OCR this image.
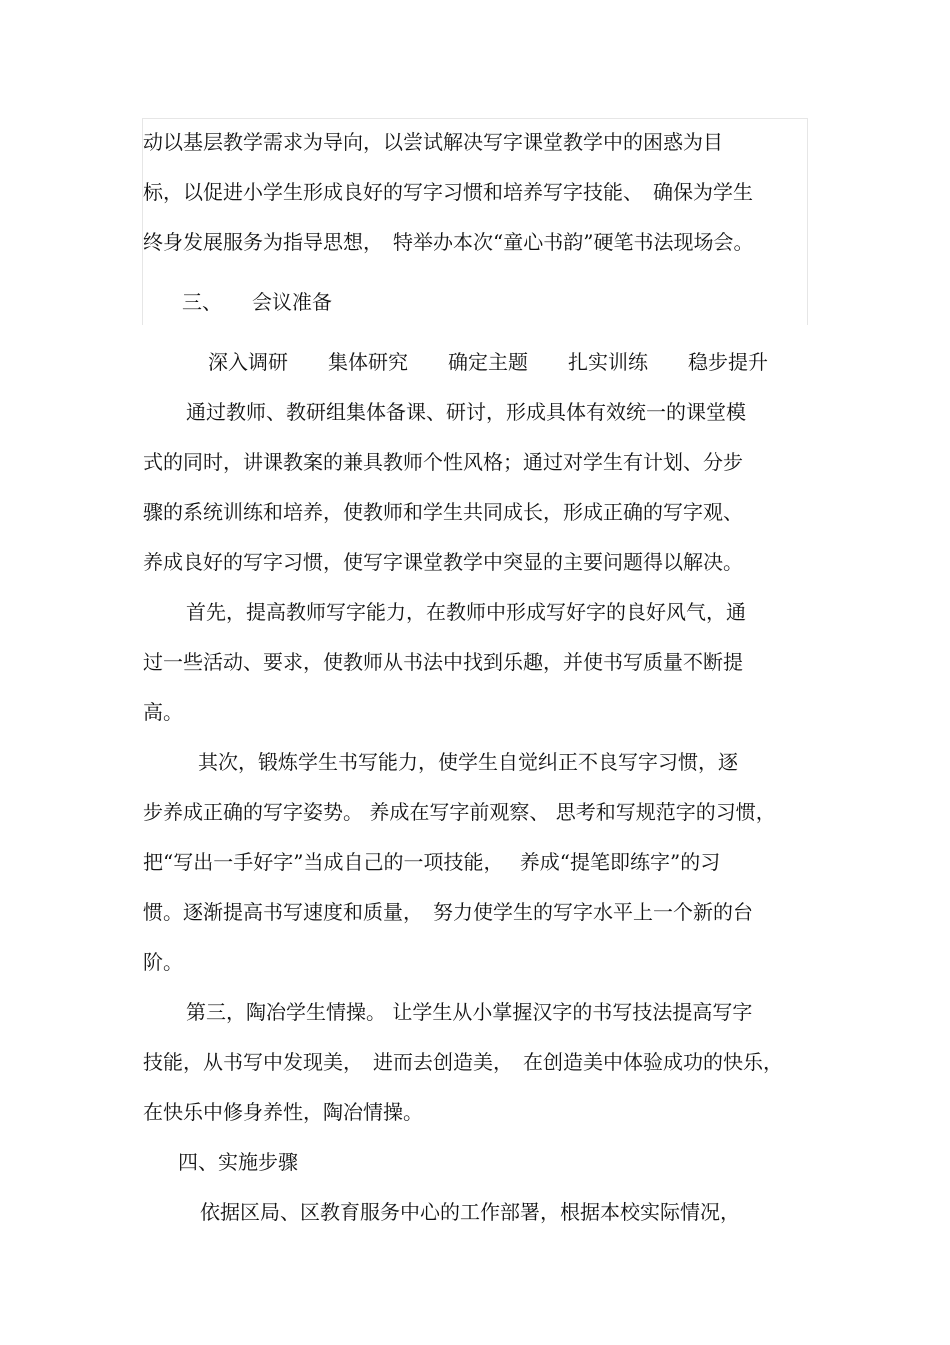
动以基层教学需求为导向，以尝试解决写字课堂教学中的困惑为目
标，以促进小学生形成良好的写字习惯和培养写字技能、　确保为学生
终身发展服务为指导思想，　特举办本次“童心书韵”硬笔书法现场会。
三、　　会议准备
深入调研　　集体研究　　确定主题　　扎实训练　　稳步提升
通过教师、教研组集体备课、研讨，形成具体有效统一的课堂模
式的同时，讲课教案的兼具教师个性风格；通过对学生有计划、分步
骤的系统训练和培养，使教师和学生共同成长，形成正确的写字观、
养成良好的写字习惯，使写字课堂教学中突显的主要问题得以解决。
首先，提高教师写字能力，在教师中形成写好字的良好风气，通
过一些活动、要求，使教师从书法中找到乐趣，并使书写质量不断提
高。
其次，锻炼学生书写能力，使学生自觉纠正不良写字习惯，逐
步养成正确的写字姿势。 养成在写字前观察、 思考和写规范字的习惯，
把“写出一手好字”当成自己的一项技能，　 养成“提笔即练字”的习
惯。逐渐提高书写速度和质量，　努力使学生的写字水平上一个新的台
阶。
第三，陶冶学生情操。 让学生从小掌握汉字的书写技法提高写字
技能，从书写中发现美，　进而去创造美，　在创造美中体验成功的快乐，
在快乐中修身养性，陶冶情操。
四、实施步骤
依据区局、区教育服务中心的工作部署，根据本校实际情况，
